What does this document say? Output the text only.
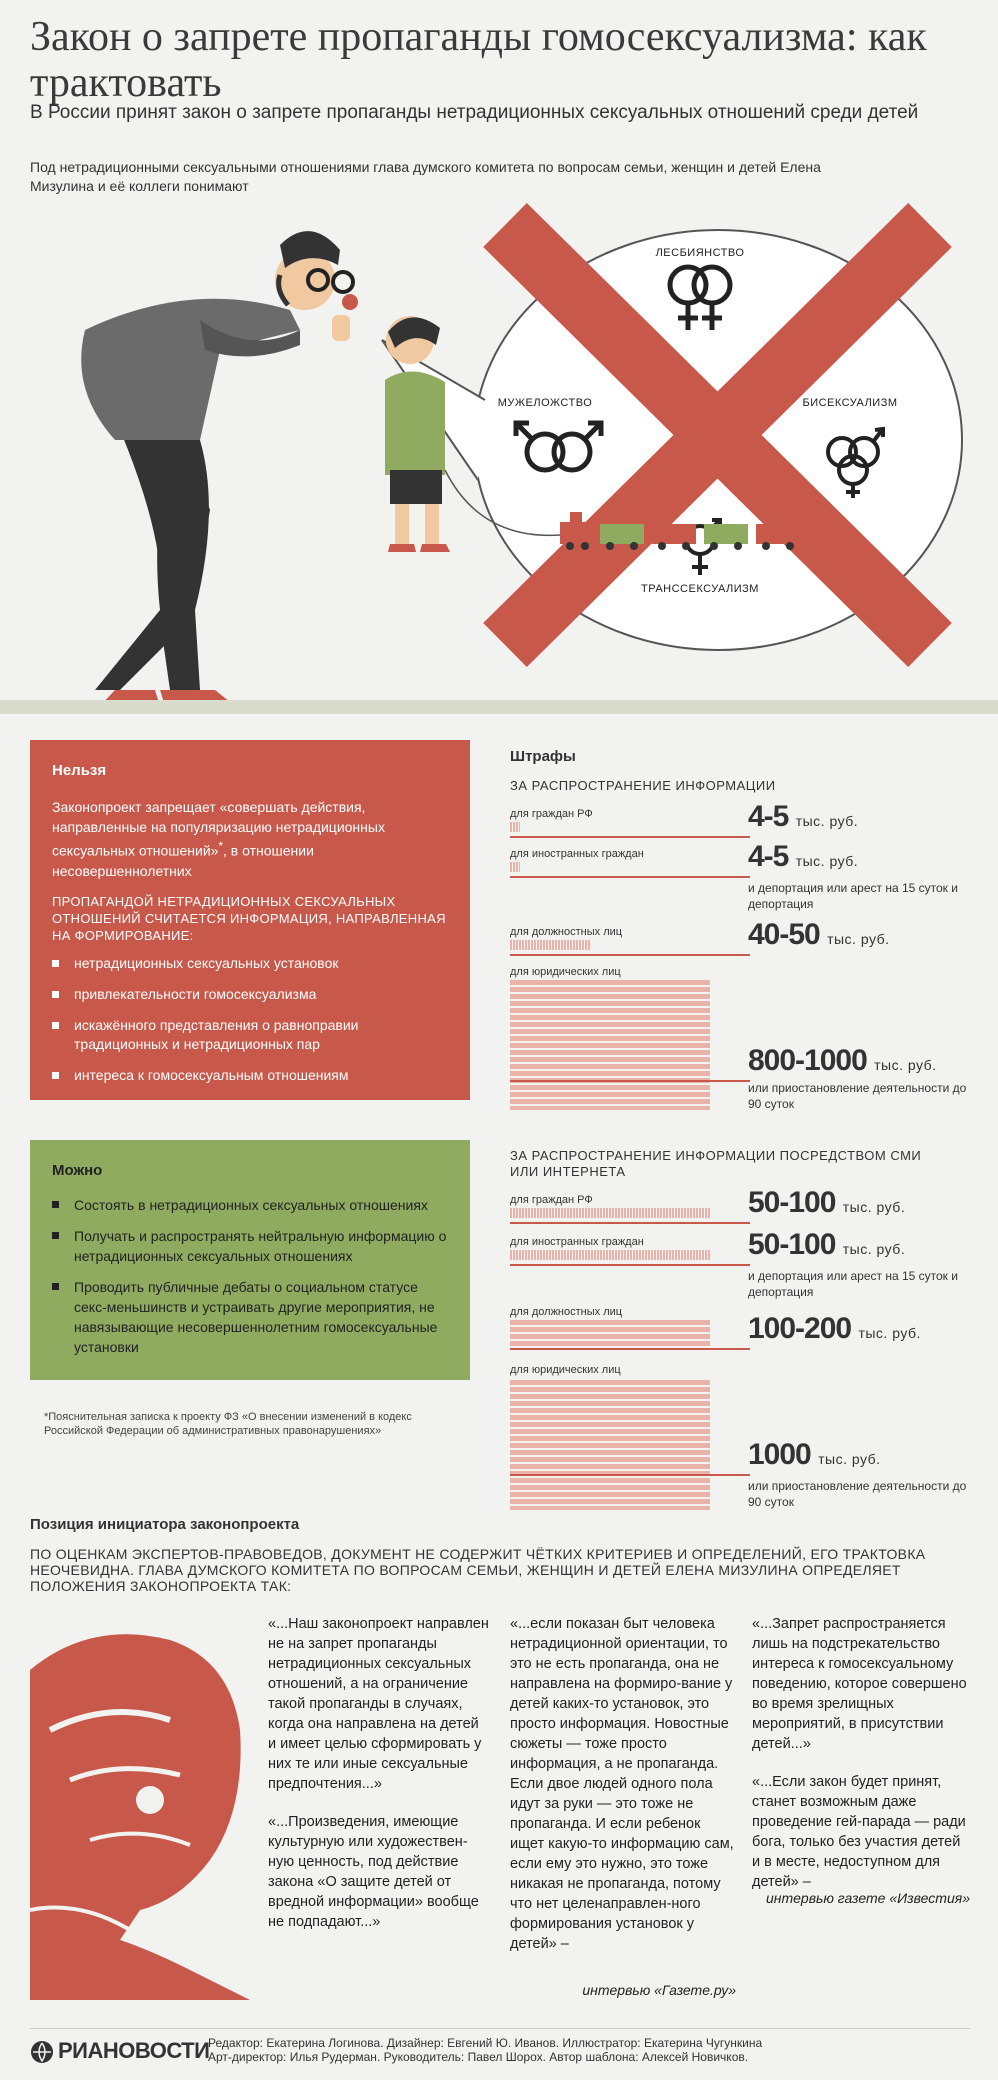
Закон о запрете пропаганды гомосексуализма: как трактовать
В России принят закон о запрете пропаганды нетрадиционных сексуальных отношений среди детей
Под нетрадиционными сексуальными отношениями глава думского комитета по вопросам семьи, женщин и детей Елена Мизулина и её коллеги понимают
ЛЕСБИЯНСТВО
МУЖЕЛОЖСТВО	БИСЕКСУАЛИЗМ
ТРАНССЕКСУАЛИЗМ
Нельзя

Законопроект запрещает «совершать действия, направленные на популяризацию нетрадиционных сексуальных отношений»*, в отношении несовершеннолетних

ПРОПАГАНДОЙ НЕТРАДИЦИОННЫХ СЕКСУАЛЬНЫХ ОТНОШЕНИЙ СЧИТАЕТСЯ ИНФОРМАЦИЯ, НАПРАВЛЕННАЯ НА ФОРМИРОВАНИЕ:
нетрадиционных сексуальных установок
привлекательности гомосексуализма
искажённого представления о равноправии традиционных и нетрадиционных пар
интереса к гомосексуальным отношениям
Можно
Состоять в нетрадиционных сексуальных отношениях
Получать и распространять нейтральную информацию о нетрадиционных сексуальных отношениях
Проводить публичные дебаты о социальном статусе секс-меньшинств и устраивать другие мероприятия, не навязывающие несовершеннолетним гомосексуальные установки
*Пояснительная записка к проекту ФЗ «О внесении изменений в кодекс Российской Федерации об административных правонарушениях»
Штрафы
ЗА РАСПРОСТРАНЕНИЕ ИНФОРМАЦИИ
для граждан РФ	4-5 тыс. руб.
для иностранных граждан	4-5 тыс. руб.
и депортация или арест на 15 суток и депортация
для должностных лиц	40-50 тыс. руб.
для юридических лиц
800-1000 тыс. руб.
или приостановление деятельности до 90 суток
ЗА РАСПРОСТРАНЕНИЕ ИНФОРМАЦИИ ПОСРЕДСТВОМ СМИ ИЛИ ИНТЕРНЕТА
для граждан РФ	50-100 тыс. руб.
для иностранных граждан	50-100 тыс. руб.
и депортация или арест на 15 суток и депортация
для должностных лиц	100-200 тыс. руб.
для юридических лиц
1000 тыс. руб.
или приостановление деятельности до 90 суток
Позиция инициатора законопроекта
ПО ОЦЕНКАМ ЭКСПЕРТОВ-ПРАВОВЕДОВ, ДОКУМЕНТ НЕ СОДЕРЖИТ ЧЁТКИХ КРИТЕРИЕВ И ОПРЕДЕЛЕНИЙ, ЕГО ТРАКТОВКА НЕОЧЕВИДНА. ГЛАВА ДУМСКОГО КОМИТЕТА ПО ВОПРОСАМ СЕМЬИ, ЖЕНЩИН И ДЕТЕЙ ЕЛЕНА МИЗУЛИНА ОПРЕДЕЛЯЕТ ПОЛОЖЕНИЯ ЗАКОНОПРОЕКТА ТАК:

«...Наш законопроект направлен не на запрет пропаганды нетрадиционных сексуальных отношений, а на ограничение такой пропаганды в случаях, когда она направлена на детей и имеет целью сформировать у них те или иные сексуальные предпочтения...»

«...Произведения, имеющие культурную или художествен-ную ценность, под действие закона «О защите детей от вредной информации» вообще не подпадают...»

«...если показан быт человека нетрадиционной ориентации, то это не есть пропаганда, она не направлена на формиро-вание у детей каких-то установок, это просто информация. Новостные сюжеты — тоже просто информация, а не пропаганда. Если двое людей одного пола идут за руки — это тоже не пропаганда. И если ребенок ищет какую-то информацию сам, если ему это нужно, это тоже никакая не пропаганда, потому что нет целенаправлен-ного формирования установок у детей» –

интервью «Газете.ру»

«...Запрет распространяется лишь на подстрекательство интереса к гомосексуальному поведению, которое совершено во время зрелищных мероприятий, в присутствии детей...»

«...Если закон будет принят, станет возможным даже проведение гей-парада — ради бога, только без участия детей и в месте, недоступном для детей» –

интервью газете «Известия»
РИАНОВОСТИ
Редактор: Екатерина Логинова. Дизайнер: Евгений Ю. Иванов. Иллюстратор: Екатерина Чугункина
Арт-директор: Илья Рудерман. Руководитель: Павел Шорох. Автор шаблона: Алексей Новичков.
